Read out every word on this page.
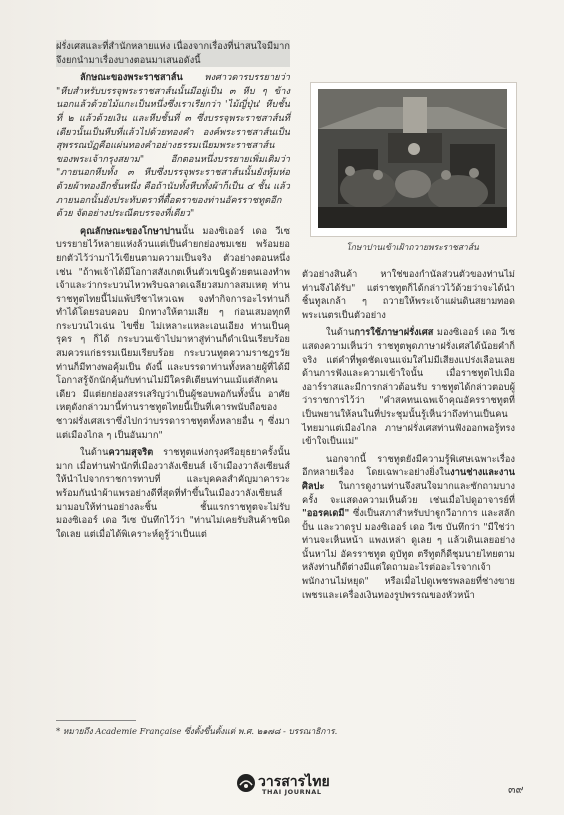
ฝรั่งเศสและที่สำนักหลายแห่ง เนื่องจากเรื่องที่น่าสนใจมีมาก จึงยกนำมาเรื่องบางตอนมาเสนอดังนี้

ลักษณะของพระราชสาส์น พงศาวดารบรรยายว่า "หีบสำหรับบรรจุพระราชสาส์นนั้นมีอยู่เป็น ๓ หีบ ๆ ข้างนอกแล้วด้วยไม้แกะเป็นหนึ่งซึ่งเราเรียกว่า 'ไม้ญี่ปุ่น' หีบชั้นที่ ๒ แล้วด้วยเงิน และหีบชั้นที่ ๓ ซึ่งบรรจุพระราชสาส์นที่เดียวนั้นเป็นหีบที่แล้วไปด้วยทองคำ องค์พระราชสาส์นเป็นสุพรรณบัฏคือแผ่นทองคำอย่างธรรมเนียมพระราชสาส์นของพระเจ้ากรุงสยาม" อีกตอนหนึ่งบรรยายเพิ่มเติมว่า "ภายนอกหีบทั้ง ๓ หีบซึ่งบรรจุพระราชสาส์นนั้นยังหุ้มห่อด้วยผ้าทองอีกชั้นหนึ่ง คือถ้านับทั้งหีบทั้งผ้าก็เป็น ๔ ชั้น แล้วภายนอกนั้นยังประทับตราที่ดื้อตราของท่านอัครราชทูตอีกด้วย จัดอย่างประณีตบรรจงที่เดียว"

คุณลักษณะของโกษาปานนั้น มองซิเออร์ เดอ วีเซ บรรยายไว้หลายแห่งล้วนแต่เป็นคำยกย่องชมเชย พร้อมยอยกตัวไว้ว่ามาไว้เขียนตามความเป็นจริง ตัวอย่างตอนหนึ่งเช่น "ถ้าพเจ้าได้มีโอกาสสังเกตเห็นตัวเขนิฐด้วยตนเองทำพเจ้าและว่ากระบวนไหวพริบฉลาดเฉลียวสมกาลสมเหตุ ท่านราชทูตไทยนี้ไม่แพ้ปรีชาไหวเฉพ จงทำกิจการอะไรท่านก็ทำได้โดยรอบคอบ มิกทางให้ตามเสีย ๆ ก่อนเสมอทุกที กระบวนไวเฉ่น ไขซี่ย ไม่เหลาะแหละเอนเอียง ท่านเป็นคุรุคร ๆ ก็ได้ กระบวนเข้าไปมาหาสู่ท่านก็ดำเนินเรียบร้อยสมควรแก่ธรรมเนียมเรียบร้อย กระบวนทูตความราชฎรวัยท่านก็มีทางพอคุ้มเป็น ดังนี้ และบรรดาท่านทั้งหลายผู้ที่ได้มีโอกาสรู้จักนักคุ้นกับท่านไม่มีใครติเตียนท่านแม้แต่สักคนเดียว มีแต่ยกย่องสรรเสริญว่าเป็นผู้ชอบพอกันทั้งนั้น อาศัยเหตุดังกล่าวมานี้ท่านราชทูตไทยนี้เป็นที่เคารพนับถือของชาวฝรั่งเศสเราซึ่งไปกว่าบรรดาราชทูตทั้งหลายอื่น ๆ ซึ่งมาแต่เมืองไกล ๆ เป็นอันมาก"

ในด้านความสุจริต ราชทูตแห่งกรุงศรีอยุธยาครั้งนั้นมาก เมื่อท่านพำนักที่เมืองวาลังเซียนส์ เจ้าเมืองวาลังเซียนส์ให้นำไปจากราชการทาบที่ และบุคคลสำคัญมาคารวะ พร้อมกันนำผ้าแพรอย่างดีที่สุดที่ทำขึ้นในเมืองวาลังเซียนส์มามอบให้ท่านอย่างละชิ้น ชั้นแรกราชทูตจะไม่รับ มองซิเออร์ เดอ วีเซ บันทึกไว้ว่า "ท่านไม่เคยรับสินค้าชนิดใดเลย แต่เมื่อได้พิเคราะห์ดูรู้ว่าเป็นแต่

โกษาปานเข้าเฝ้าถวายพระราชสาส์น

ตัวอย่างสินค้า หาใช่ของกำนัลส่วนตัวของท่านไม่ ท่านจึงได้รับ" แต่ราชทูตก็ได้กล่าวไว้ด้วยว่าจะได้นำชิ้นทูลเกล้า ๆ ถวายให้พระเจ้าแผ่นดินสยามทอดพระเนตรเป็นตัวอย่าง

ในด้านการใช้ภาษาฝรั่งเศส มองซิเออร์ เดอ วีเซ แสดงความเห็นว่า ราชทูตพูดภาษาฝรั่งเศสได้น้อยคำก็จริง แต่คำที่พูดชัดเจนแจ่มใสไม่มีเสียงแปร่งเลือนเลย ด้านการฟังและความเข้าใจนั้น เมื่อราชทูตไปเมืองอาร์ราสและมีการกล่าวต้อนรับ ราชทูตได้กล่าวตอบผู้ว่าราชการไว้ว่า "คำสคทนเฉพเจ้าคุณอัครราชทูตที่เป็นพยานให้ลนในที่ประชุมนั้นรู้เห็นว่าถึงท่านเป็นคนไทยมาแต่เมืองไกล ภาษาฝรั่งเศสท่านฟังออกพอรู้ทรงเข้าใจเป็นแม่"

นอกจากนี้ ราชทูตยังมีความรู้พิเศษเฉพาะเรื่องอีกหลายเรื่อง โดยเฉพาะอย่างยิ่งในงานช่างและงานศิลปะ ในการดูงานท่านจึงสนใจมากและซักถามบางครั้ง จะแสดงความเห็นด้วย เช่นเมื่อไปดูอาจารย์ที่ "ออรคเดมี" ซึ่งเป็นสภาสำหรับปาฐูกวีอาการ และสลัก ปั้น และวาดรูป มองซิเออร์ เดอ วีเซ บันทึกว่า "มีใช่ว่า ท่านจะเห็นหน้า แพงเหล่า ดูเลย ๆ แล้วเดินเลยอย่างนั้นหาไม่ อัครราชทูต ดูบัทูต ตรีทูตก็ดีชุมนายไทยตามหลังท่านก็ดีต่างมีแต่ใดถามอะไรต่ออะไรจากเจ้าพนักงานไม่หยุด" หรือเมื่อไปดูเพชรพลอยที่ช่างขายเพชรและเครื่องเงินทองรูปพรรณของหัวหน้า

* หมายถึง Academie Française ซึ่งตั้งขึ้นตั้งแต่ พ.ศ. ๒๑๗๘ - บรรณาธิการ.
วารสารไทย
THAI JOURNAL	๓๙
